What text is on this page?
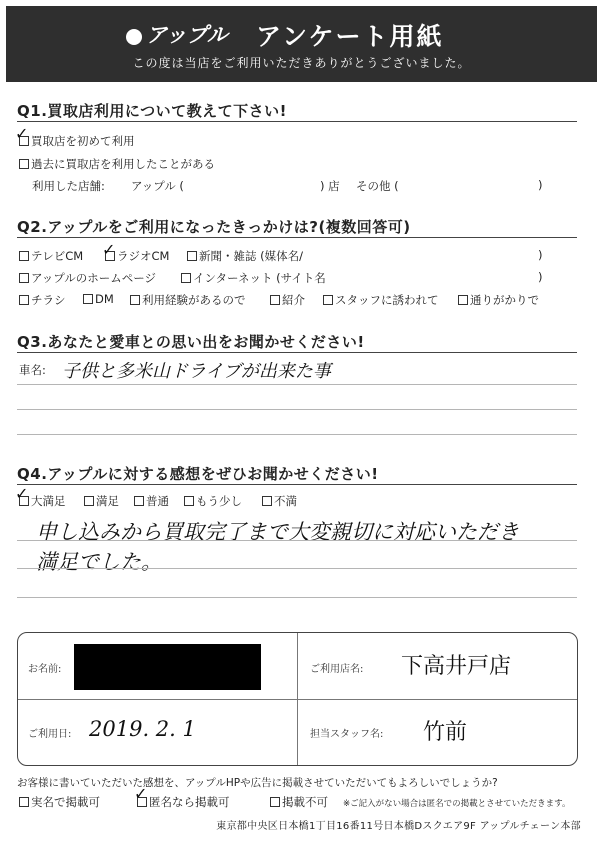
アップル アンケート用紙
この度は当店をご利用いただきありがとうございました。
Q1.買取店利用について教えて下さい!
買取店を初めて利用
✓
過去に買取店を利用したことがある
利用した店舗: アップル (	) 店 その他 (	)
Q2.アップルをご利用になったきっかけは?(複数回答可)
テレビCM	ラジオCM
✓	新聞・雑誌 (媒体名/	)
アップルのホームページ	インターネット (サイト名	)
チラシ	DM	利用経験があるので	紹介	スタッフに誘われて	通りがかりで
Q3.あなたと愛車との思い出をお聞かせください!
車名: 子供と多米山ドライブが出来た事
Q4.アップルに対する感想をぜひお聞かせください!
大満足
✓	満足	普通	もう少し	不満
申し込みから買取完了まで大変親切に対応いただき
満足でした。
お名前:	ご利用店名: 下高井戸店
ご利用日: 2019. 2. 1	担当スタッフ名: 竹前
お客様に書いていただいた感想を、アップルHPや広告に掲載させていただいてもよろしいでしょうか?
実名で掲載可	匿名なら掲載可
✓	掲載不可 ※ご記入がない場合は匿名での掲載とさせていただきます。
東京都中央区日本橋1丁目16番11号日本橋Dスクエア9F アップルチェーン本部
